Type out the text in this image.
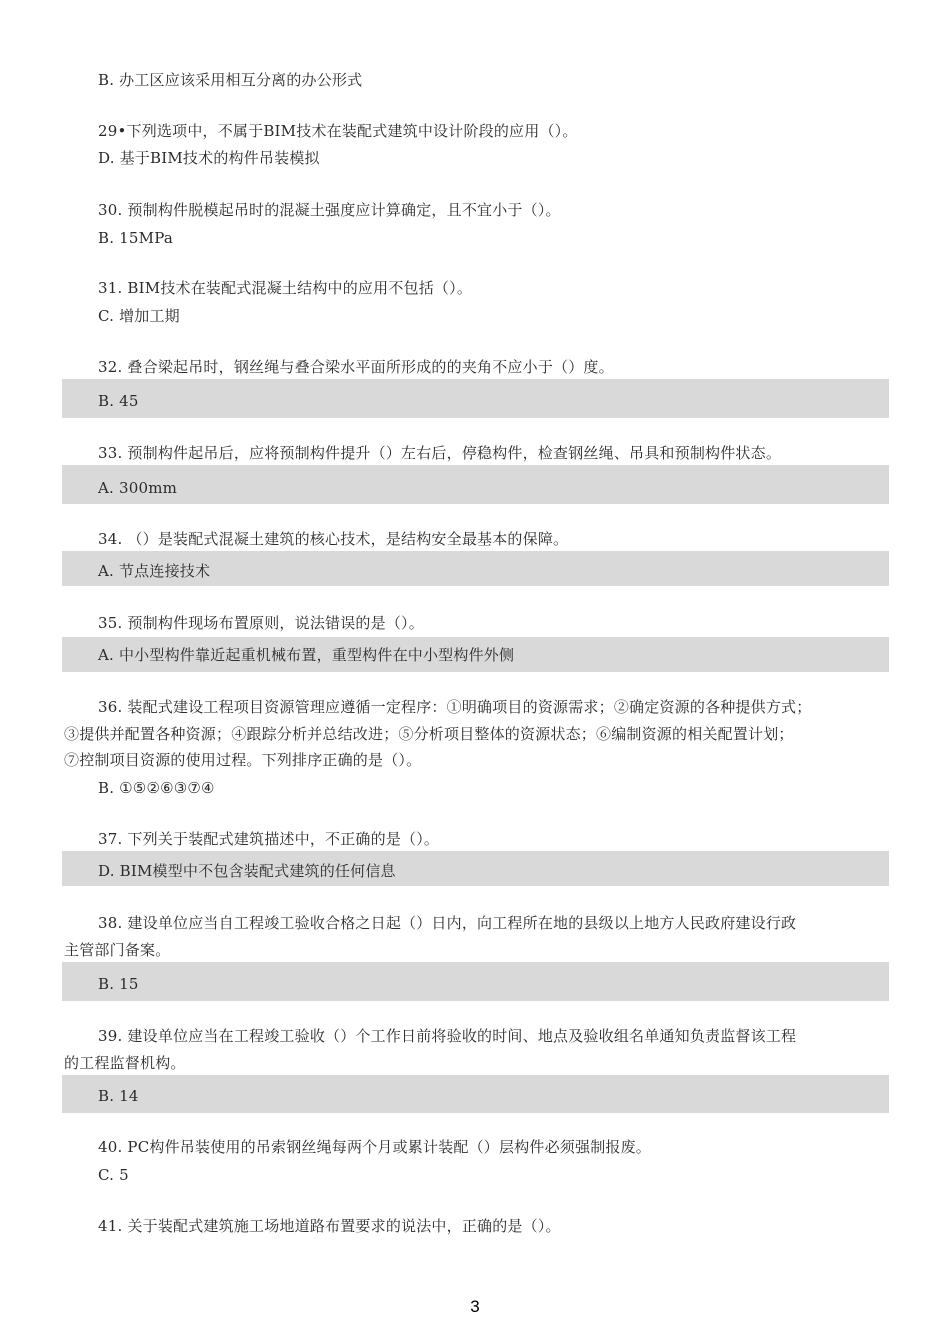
B. 办工区应该采用相互分离的办公形式
29•下列选项中，不属于BIM技术在装配式建筑中设计阶段的应用（）。
D. 基于BIM技术的构件吊装模拟
30. 预制构件脱模起吊时的混凝土强度应计算确定，且不宜小于（）。
B. 15MPa
31. BIM技术在装配式混凝土结构中的应用不包括（）。
C. 增加工期
32. 叠合梁起吊时，钢丝绳与叠合梁水平面所形成的的夹角不应小于（）度。
B. 45
33. 预制构件起吊后，应将预制构件提升（）左右后，停稳构件，检查钢丝绳、吊具和预制构件状态。
A. 300mm
34. （）是装配式混凝土建筑的核心技术，是结构安全最基本的保障。
A. 节点连接技术
35. 预制构件现场布置原则，说法错误的是（）。
A. 中小型构件靠近起重机械布置，重型构件在中小型构件外侧
36. 装配式建设工程项目资源管理应遵循一定程序：①明确项目的资源需求；②确定资源的各种提供方式；
③提供并配置各种资源；④跟踪分析并总结改进；⑤分析项目整体的资源状态；⑥编制资源的相关配置计划；
⑦控制项目资源的使用过程。下列排序正确的是（）。
B. ①⑤②⑥③⑦④
37. 下列关于装配式建筑描述中，不正确的是（）。
D. BIM模型中不包含装配式建筑的任何信息
38. 建设单位应当自工程竣工验收合格之日起（）日内，向工程所在地的县级以上地方人民政府建设行政
主管部门备案。
B. 15
39. 建设单位应当在工程竣工验收（）个工作日前将验收的时间、地点及验收组名单通知负责监督该工程
的工程监督机构。
B. 14
40. PC构件吊装使用的吊索钢丝绳每两个月或累计装配（）层构件必须强制报废。
C. 5
41. 关于装配式建筑施工场地道路布置要求的说法中，正确的是（）。
3
